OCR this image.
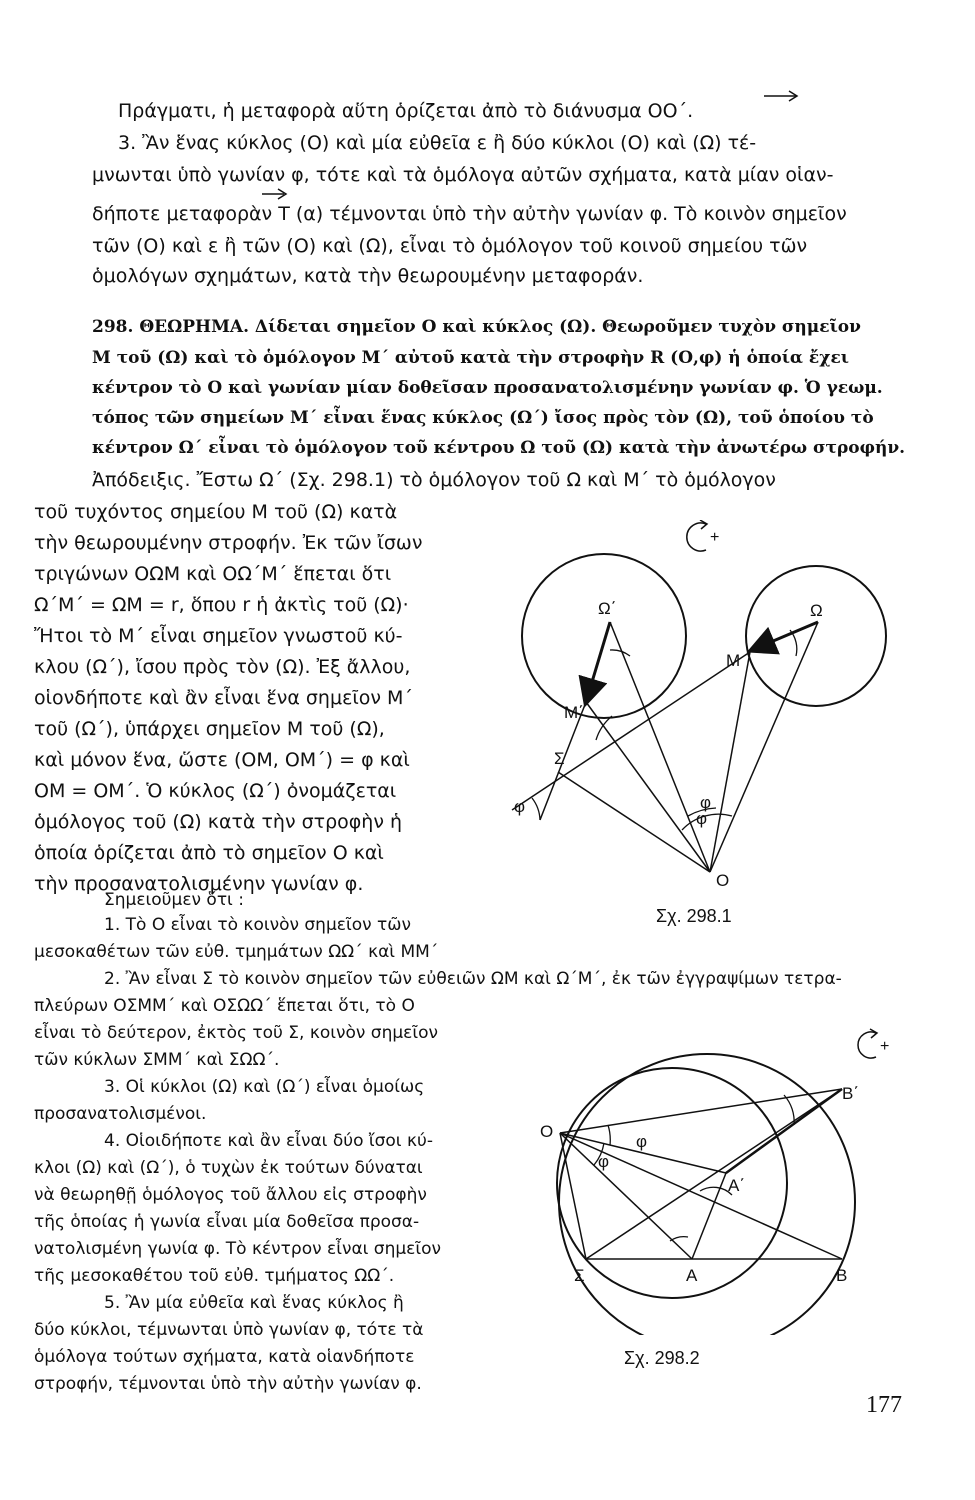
Πράγματι, ἡ μεταφορὰ αὕτη ὁρίζεται ἀπὸ τὸ διάνυσμα ΟΟ΄.
3. Ἂν ἕνας κύκλος (Ο) καὶ μία εὐθεῖα ε ἢ δύο κύκλοι (Ο) καὶ (Ω) τέ-
μνωνται ὑπὸ γωνίαν φ, τότε καὶ τὰ ὁμόλογα αὐτῶν σχήματα, κατὰ μίαν οἱαν-
δήποτε μεταφορὰν Τ (α) τέμνονται ὑπὸ τὴν αὐτὴν γωνίαν φ. Τὸ κοινὸν σημεῖον
τῶν (Ο) καὶ ε ἢ τῶν (Ο) καὶ (Ω), εἶναι τὸ ὁμόλογον τοῦ κοινοῦ σημείου τῶν
ὁμολόγων σχημάτων, κατὰ τὴν θεωρουμένην μεταφοράν.
298. ΘΕΩΡΗΜΑ. Δίδεται σημεῖον Ο καὶ κύκλος (Ω). Θεωροῦμεν τυχὸν σημεῖον
Μ τοῦ (Ω) καὶ τὸ ὁμόλογον Μ΄ αὐτοῦ κατὰ τὴν στροφὴν R (Ο,φ) ἡ ὁποία ἔχει
κέντρον τὸ Ο καὶ γωνίαν μίαν δοθεῖσαν προσανατολισμένην γωνίαν φ. Ὁ γεωμ.
τόπος τῶν σημείων Μ΄ εἶναι ἕνας κύκλος (Ω΄) ἴσος πρὸς τὸν (Ω), τοῦ ὁποίου τὸ
κέντρον Ω΄ εἶναι τὸ ὁμόλογον τοῦ κέντρου Ω τοῦ (Ω) κατὰ τὴν ἀνωτέρω στροφήν.
Ἀπόδειξις. Ἔστω Ω΄ (Σχ. 298.1) τὸ ὁμόλογον τοῦ Ω καὶ Μ΄ τὸ ὁμόλογον
τοῦ τυχόντος σημείου Μ τοῦ (Ω) κατὰ
τὴν θεωρουμένην στροφήν. Ἐκ τῶν ἴσων
τριγώνων ΟΩΜ καὶ ΟΩ΄Μ΄ ἕπεται ὅτι
Ω΄Μ΄ = ΩΜ = r, ὅπου r ἡ ἀκτὶς τοῦ (Ω)·
Ἤτοι τὸ Μ΄ εἶναι σημεῖον γνωστοῦ κύ-
κλου (Ω΄), ἴσου πρὸς τὸν (Ω). Ἐξ ἄλλου,
οἱονδήποτε καὶ ἂν εἶναι ἕνα σημεῖον Μ΄
τοῦ (Ω΄), ὑπάρχει σημεῖον Μ τοῦ (Ω),
καὶ μόνον ἕνα, ὥστε (ΟΜ, ΟΜ΄) = φ καὶ
ΟΜ = ΟΜ΄. Ὁ κύκλος (Ω΄) ὀνομάζεται
ὁμόλογος τοῦ (Ω) κατὰ τὴν στροφὴν ἡ
ὁποία ὁρίζεται ἀπὸ τὸ σημεῖον Ο καὶ
τὴν προσανατολισμένην γωνίαν φ.
Σημειοῦμεν ὅτι :
1. Τὸ Ο εἶναι τὸ κοινὸν σημεῖον τῶν
μεσοκαθέτων τῶν εὐθ. τμημάτων ΩΩ΄ καὶ ΜΜ΄
2. Ἂν εἶναι Σ τὸ κοινὸν σημεῖον τῶν εὐθειῶν ΩΜ καὶ Ω΄Μ΄, ἐκ τῶν ἐγγραψίμων τετρα-
πλεύρων ΟΣΜΜ΄ καὶ ΟΣΩΩ΄ ἕπεται ὅτι, τὸ Ο
εἶναι τὸ δεύτερον, ἐκτὸς τοῦ Σ, κοινὸν σημεῖον
τῶν κύκλων ΣΜΜ΄ καὶ ΣΩΩ΄.
3. Οἱ κύκλοι (Ω) καὶ (Ω΄) εἶναι ὁμοίως
προσανατολισμένοι.
4. Οἱοιδήποτε καὶ ἂν εἶναι δύο ἴσοι κύ-
κλοι (Ω) καὶ (Ω΄), ὁ τυχὼν ἐκ τούτων δύναται
νὰ θεωρηθῇ ὁμόλογος τοῦ ἄλλου εἰς στροφὴν
τῆς ὁποίας ἡ γωνία εἶναι μία δοθεῖσα προσα-
νατολισμένη γωνία φ. Τὸ κέντρον εἶναι σημεῖον
τῆς μεσοκαθέτου τοῦ εὐθ. τμήματος ΩΩ΄.
5. Ἂν μία εὐθεῖα καὶ ἕνας κύκλος ἢ
δύο κύκλοι, τέμνωνται ὑπὸ γωνίαν φ, τότε τὰ
ὁμόλογα τούτων σχήματα, κατὰ οἱανδήποτε
στροφήν, τέμνονται ὑπὸ τὴν αὐτὴν γωνίαν φ.
+
Ω΄	Ω
Μ
Μ΄
Σ
O
φ	φ
φ
Σχ. 298.1
+
O
Β΄
Α΄
Σ	Α	Β
φ
φ
Σχ. 298.2
177
